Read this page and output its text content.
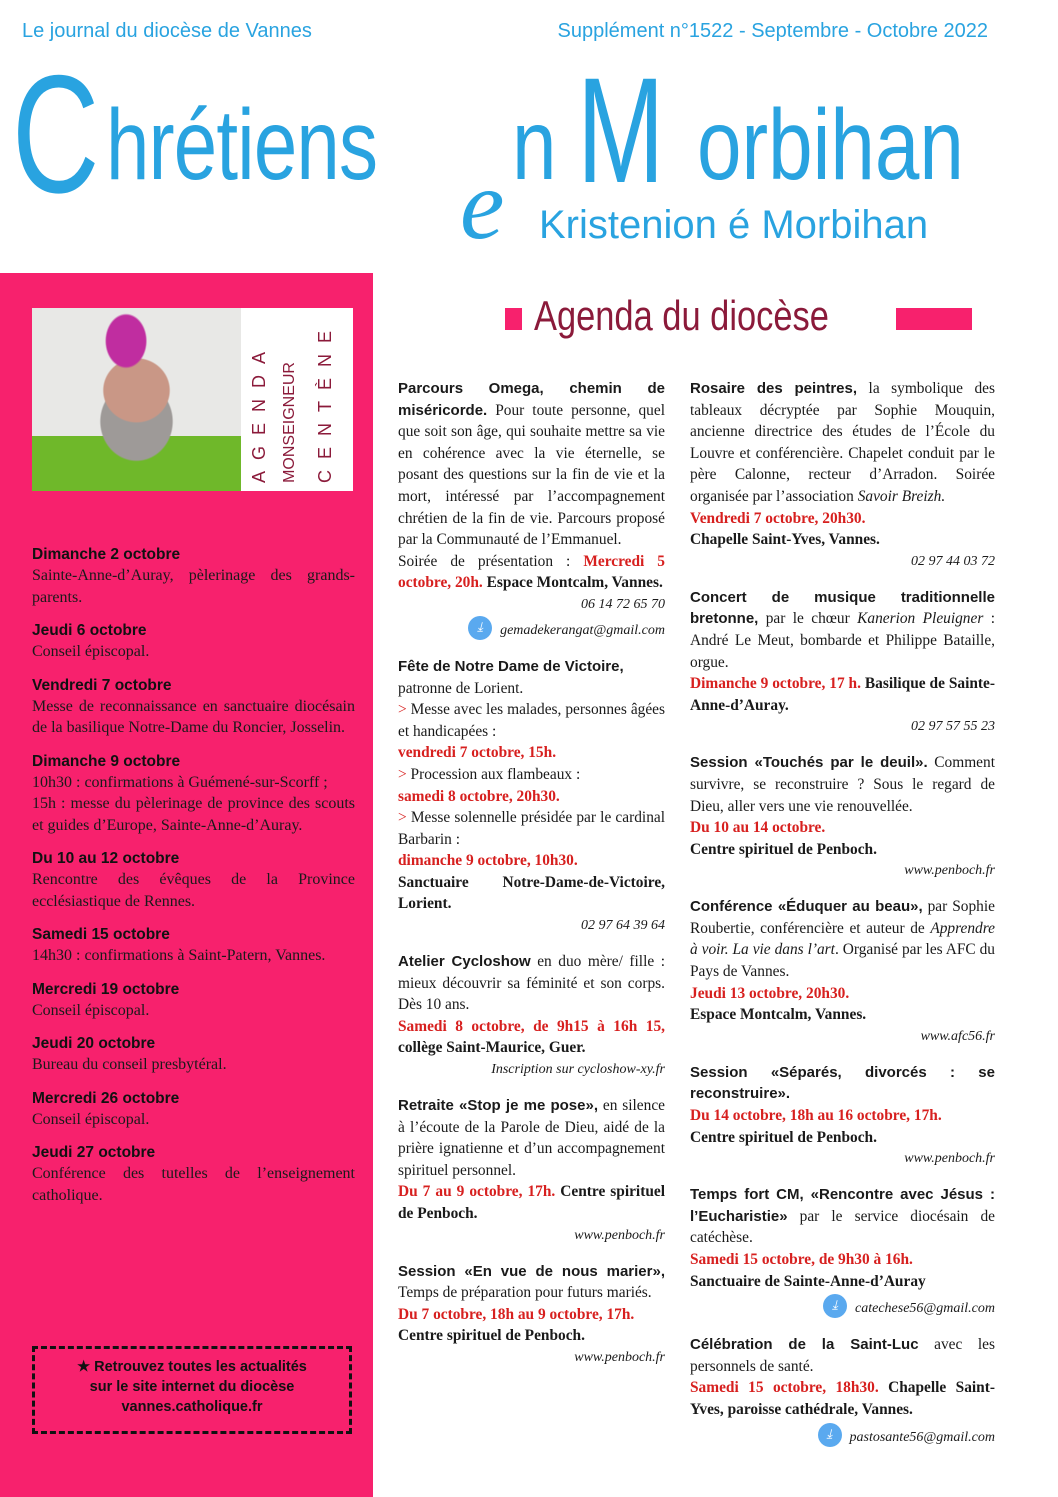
Le journal du diocèse de Vannes	Supplément n°1522 - Septembre - Octobre 2022
C hrétiens
e
n M orbihan
Kristenion é Morbihan
AGENDA MONSEIGNEUR CENTÈNE
Dimanche 2 octobre
Sainte-Anne-d’Auray, pèlerinage des grands-parents.
Jeudi 6 octobre
Conseil épiscopal.
Vendredi 7 octobre
Messe de reconnaissance en sanctuaire diocésain de la basilique Notre-Dame du Roncier, Josselin.
Dimanche 9 octobre
10h30 : confirmations à Guémené-sur-Scorff ;
15h : messe du pèlerinage de province des scouts et guides d’Europe, Sainte-Anne-d’Auray.
Du 10 au 12 octobre
Rencontre des évêques de la Province ecclésiastique de Rennes.
Samedi 15 octobre
14h30 : confirmations à Saint-Patern, Vannes.
Mercredi 19 octobre
Conseil épiscopal.
Jeudi 20 octobre
Bureau du conseil presbytéral.
Mercredi 26 octobre
Conseil épiscopal.
Jeudi 27 octobre
Conférence des tutelles de l’enseignement catholique.
★ Retrouvez toutes les actualités
sur le site internet du diocèse
vannes.catholique.fr
Agenda du diocèse

Parcours Omega, chemin de miséricorde. Pour toute personne, quel que soit son âge, qui souhaite mettre sa vie en cohérence avec la vie éternelle, se posant des questions sur la fin de vie et la mort, intéressé par l’accompagnement chrétien de la fin de vie. Parcours proposé par la Communauté de l’Emmanuel.

Soirée de présentation : Mercredi 5 octobre, 20h. Espace Montcalm, Vannes.

06 14 72 65 70
⤓	gemadekerangat@gmail.com

Fête de Notre Dame de Victoire,

patronne de Lorient.

> Messe avec les malades, personnes âgées et handicapées :

vendredi 7 octobre, 15h.

> Procession aux flambeaux :

samedi 8 octobre, 20h30.

> Messe solennelle présidée par le cardinal Barbarin :

dimanche 9 octobre, 10h30.

Sanctuaire Notre-Dame-de-Victoire, Lorient.

02 97 64 39 64

Atelier Cycloshow en duo mère/ fille : mieux découvrir sa féminité et son corps. Dès 10 ans.

Samedi 8 octobre, de 9h15 à 16h 15, collège Saint-Maurice, Guer.

Inscription sur cycloshow-xy.fr

Retraite «Stop je me pose», en silence à l’écoute de la Parole de Dieu, aidé de la prière ignatienne et d’un accompagnement spirituel personnel.

Du 7 au 9 octobre, 17h. Centre spirituel de Penboch.

www.penboch.fr

Session «En vue de nous marier», Temps de préparation pour futurs mariés.

Du 7 octobre, 18h au 9 octobre, 17h.

Centre spirituel de Penboch.

www.penboch.fr

Rosaire des peintres, la symbolique des tableaux décryptée par Sophie Mouquin, ancienne directrice des études de l’École du Louvre et conférencière. Chapelet conduit par le père Calonne, recteur d’Arradon. Soirée organisée par l’association Savoir Breizh.

Vendredi 7 octobre, 20h30.

Chapelle Saint-Yves, Vannes.

02 97 44 03 72

Concert de musique traditionnelle bretonne, par le chœur Kanerion Pleuigner : André Le Meut, bombarde et Philippe Bataille, orgue.

Dimanche 9 octobre, 17 h. Basilique de Sainte-Anne-d’Auray.

02 97 57 55 23

Session «Touchés par le deuil». Comment survivre, se reconstruire ? Sous le regard de Dieu, aller vers une vie renouvellée.

Du 10 au 14 octobre.

Centre spirituel de Penboch.

www.penboch.fr

Conférence «Éduquer au beau», par Sophie Roubertie, conférencière et auteur de Apprendre à voir. La vie dans l’art. Organisé par les AFC du Pays de Vannes.

Jeudi 13 octobre, 20h30.

Espace Montcalm, Vannes.

www.afc56.fr

Session «Séparés, divorcés : se reconstruire».

Du 14 octobre, 18h au 16 octobre, 17h.

Centre spirituel de Penboch.

www.penboch.fr

Temps fort CM, «Rencontre avec Jésus : l’Eucharistie» par le service diocésain de catéchèse.

Samedi 15 octobre, de 9h30 à 16h.

Sanctuaire de Sainte-Anne-d’Auray

⤓	catechese56@gmail.com

Célébration de la Saint-Luc avec les personnels de santé.

Samedi 15 octobre, 18h30. Chapelle Saint-Yves, paroisse cathédrale, Vannes.

⤓	pastosante56@gmail.com
